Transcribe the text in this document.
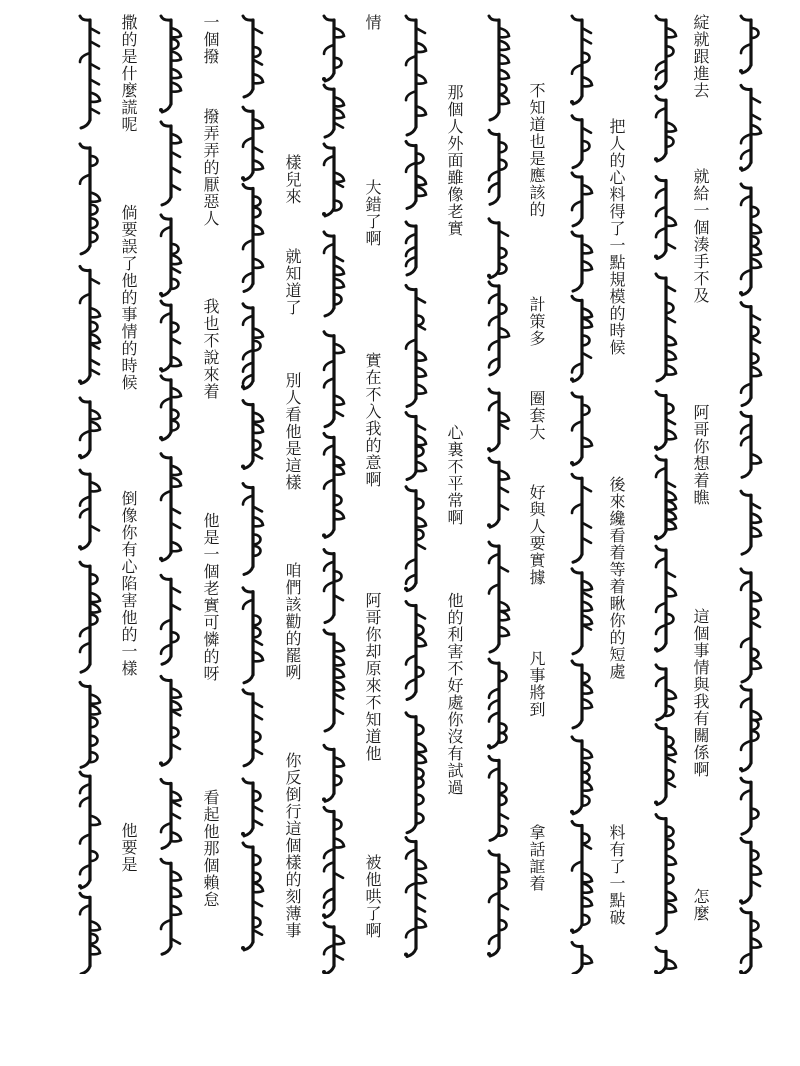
綻就跟進去
就給一個湊手不及
阿哥你想着瞧
這個事情與我有關係啊
怎麼
把人的心料得了一點規模的時候
後來纔看着等着瞅你的短處
料有了一點破
不知道也是應該的
計策多
圈套大
好與人要實據
凡事將到
拿話誆着
那個人外面雖像老實
心裏不平常啊
他的利害不好處你沒有試過
情
大錯了啊
實在不入我的意啊
阿哥你却原來不知道他
被他哄了啊
樣兒來
就知道了
別人看他是這樣
咱們該勸的罷咧
你反倒行這個樣的刻薄事
一個撥
撥弄弄的厭惡人
我也不說來着
他是一個老實可憐的呀
看起他那個賴怠
撒的是什麼謊呢
倘要誤了他的事情的時候
倒像你有心陷害他的一樣
他要是
